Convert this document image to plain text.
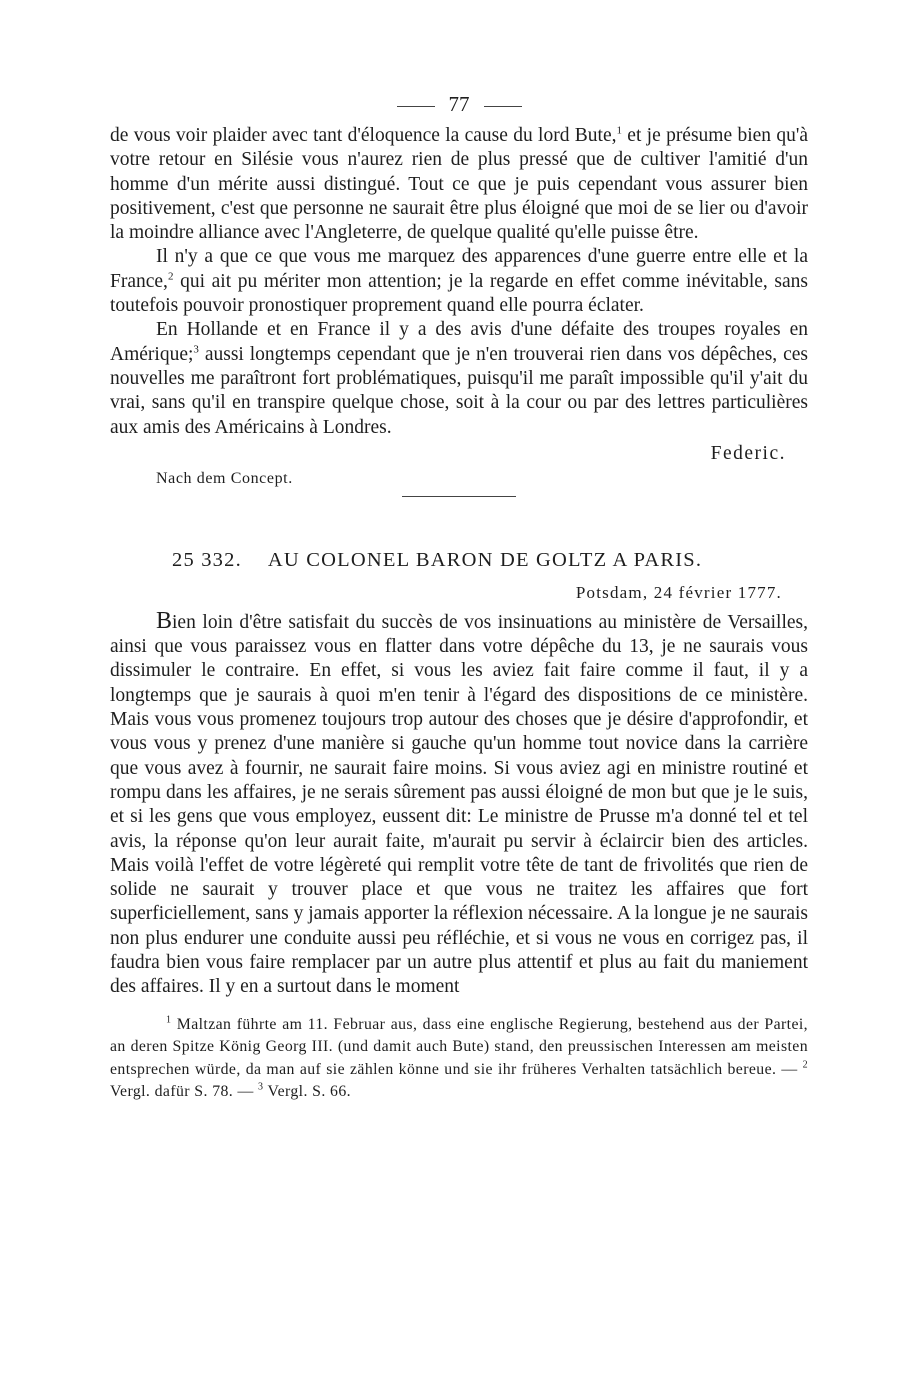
77

de vous voir plaider avec tant d'éloquence la cause du lord Bute,$^1$ et je présume bien qu'à votre retour en Silésie vous n'aurez rien de plus pressé que de cultiver l'amitié d'un homme d'un mérite aussi distingué. Tout ce que je puis cependant vous assurer bien positivement, c'est que personne ne saurait être plus éloigné que moi de se lier ou d'avoir la moindre alliance avec l'Angleterre, de quelque qualité qu'elle puisse être.

Il n'y a que ce que vous me marquez des apparences d'une guerre entre elle et la France,$^2$ qui ait pu mériter mon attention; je la regarde en effet comme inévitable, sans toutefois pouvoir pronostiquer proprement quand elle pourra éclater.

En Hollande et en France il y a des avis d'une défaite des troupes royales en Amérique;$^3$ aussi longtemps cependant que je n'en trouverai rien dans vos dépêches, ces nouvelles me paraîtront fort problématiques, puisqu'il me paraît impossible qu'il y'ait du vrai, sans qu'il en transpire quelque chose, soit à la cour ou par des lettres particulières aux amis des Américains à Londres.

Federic.
Nach dem Concept.
25 332. AU COLONEL BARON DE GOLTZ A PARIS.
Potsdam, 24 février 1777.

Bien loin d'être satisfait du succès de vos insinuations au ministère de Versailles, ainsi que vous paraissez vous en flatter dans votre dépêche du 13, je ne saurais vous dissimuler le contraire. En effet, si vous les aviez fait faire comme il faut, il y a longtemps que je saurais à quoi m'en tenir à l'égard des dispositions de ce ministère. Mais vous vous promenez toujours trop autour des choses que je désire d'approfondir, et vous vous y prenez d'une manière si gauche qu'un homme tout novice dans la carrière que vous avez à fournir, ne saurait faire moins. Si vous aviez agi en ministre routiné et rompu dans les affaires, je ne serais sûrement pas aussi éloigné de mon but que je le suis, et si les gens que vous employez, eussent dit: Le ministre de Prusse m'a donné tel et tel avis, la réponse qu'on leur aurait faite, m'aurait pu servir à éclaircir bien des articles. Mais voilà l'effet de votre légèreté qui remplit votre tête de tant de frivolités que rien de solide ne saurait y trouver place et que vous ne traitez les affaires que fort superficiellement, sans y jamais apporter la réflexion nécessaire. A la longue je ne saurais non plus endurer une conduite aussi peu réfléchie, et si vous ne vous en corrigez pas, il faudra bien vous faire remplacer par un autre plus attentif et plus au fait du maniement des affaires. Il y en a surtout dans le moment

$^1$ Maltzan führte am 11. Februar aus, dass eine englische Regierung, bestehend aus der Partei, an deren Spitze König Georg III. (und damit auch Bute) stand, den preussischen Interessen am meisten entsprechen würde, da man auf sie zählen könne und sie ihr früheres Verhalten tatsächlich bereue. — $^2$ Vergl. dafür S. 78. — $^3$ Vergl. S. 66.
